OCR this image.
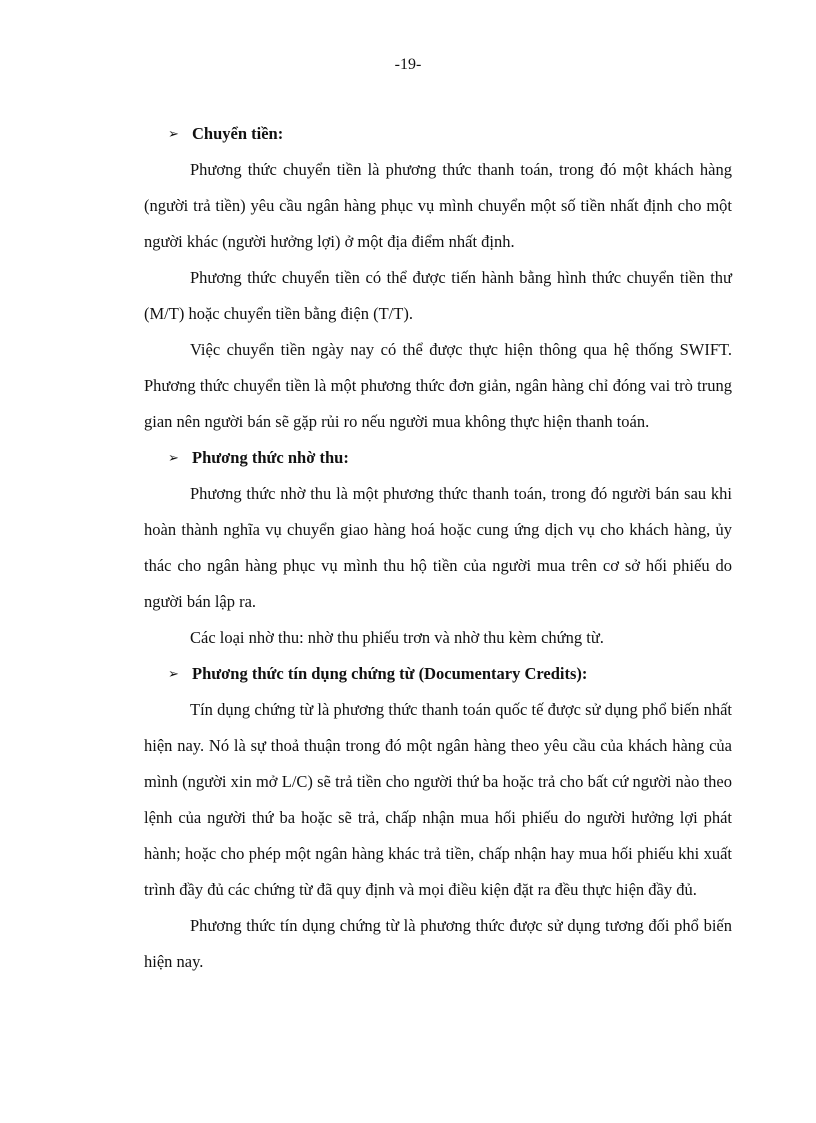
-19-

➢ Chuyển tiền:

Phương thức chuyển tiền là phương thức thanh toán, trong đó một khách hàng (người trả tiền) yêu cầu ngân hàng phục vụ mình chuyển một số tiền nhất định cho một người khác (người hưởng lợi) ở một địa điểm nhất định.

Phương thức chuyển tiền có thể được tiến hành bằng hình thức chuyển tiền thư (M/T) hoặc chuyển tiền bằng điện (T/T).

Việc chuyển tiền ngày nay có thể được thực hiện thông qua hệ thống SWIFT. Phương thức chuyển tiền là một phương thức đơn giản, ngân hàng chỉ đóng vai trò trung gian nên người bán sẽ gặp rủi ro nếu người mua không thực hiện thanh toán.

➢ Phương thức nhờ thu:

Phương thức nhờ thu là một phương thức thanh toán, trong đó người bán sau khi hoàn thành nghĩa vụ chuyển giao hàng hoá hoặc cung ứng dịch vụ cho khách hàng, ủy thác cho ngân hàng phục vụ mình thu hộ tiền của người mua trên cơ sở hối phiếu do người bán lập ra.

Các loại nhờ thu: nhờ thu phiếu trơn và nhờ thu kèm chứng từ.

➢ Phương thức tín dụng chứng từ (Documentary Credits):

Tín dụng chứng từ là phương thức thanh toán quốc tế được sử dụng phổ biến nhất hiện nay. Nó là sự thoả thuận trong đó một ngân hàng theo yêu cầu của khách hàng của mình (người xin mở L/C) sẽ trả tiền cho người thứ ba hoặc trả cho bất cứ người nào theo lệnh của người thứ ba hoặc sẽ trả, chấp nhận mua hối phiếu do người hưởng lợi phát hành; hoặc cho phép một ngân hàng khác trả tiền, chấp nhận hay mua hối phiếu khi xuất trình đầy đủ các chứng từ đã quy định và mọi điều kiện đặt ra đều thực hiện đầy đủ.

Phương thức tín dụng chứng từ là phương thức được sử dụng tương đối phổ biến hiện nay.
